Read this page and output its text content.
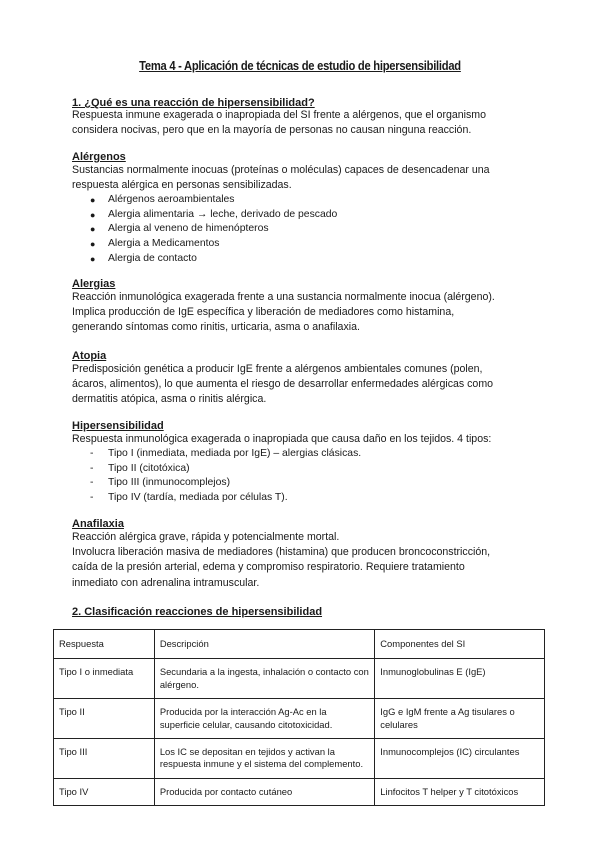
Tema 4 - Aplicación de técnicas de estudio de hipersensibilidad
1. ¿Qué es una reacción de hipersensibilidad?
Respuesta inmune exagerada o inapropiada del SI frente a alérgenos, que el organismo
considera nocivas, pero que en la mayoría de personas no causan ninguna reacción.
Alérgenos
Sustancias normalmente inocuas (proteínas o moléculas) capaces de desencadenar una
respuesta alérgica en personas sensibilizadas.
● Alérgenos aeroambientales
● Alergia alimentaria → leche, derivado de pescado
● Alergia al veneno de himenópteros
● Alergia a Medicamentos
● Alergia de contacto
Alergias
Reacción inmunológica exagerada frente a una sustancia normalmente inocua (alérgeno).
Implica producción de IgE específica y liberación de mediadores como histamina,
generando síntomas como rinitis, urticaria, asma o anafilaxia.
Atopia
Predisposición genética a producir IgE frente a alérgenos ambientales comunes (polen,
ácaros, alimentos), lo que aumenta el riesgo de desarrollar enfermedades alérgicas como
dermatitis atópica, asma o rinitis alérgica.
Hipersensibilidad
Respuesta inmunológica exagerada o inapropiada que causa daño en los tejidos. 4 tipos:
- Tipo I (inmediata, mediada por IgE) – alergias clásicas.
- Tipo II (citotóxica)
- Tipo III (inmunocomplejos)
- Tipo IV (tardía, mediada por células T).
Anafilaxia
Reacción alérgica grave, rápida y potencialmente mortal.
Involucra liberación masiva de mediadores (histamina) que producen broncoconstricción,
caída de la presión arterial, edema y compromiso respiratorio. Requiere tratamiento
inmediato con adrenalina intramuscular.
2. Clasificación reacciones de hipersensibilidad
Respuesta	Descripción	Componentes del SI
Tipo I o inmediata	Secundaria a la ingesta, inhalación o contacto con alérgeno.	Inmunoglobulinas E (IgE)
Tipo II	Producida por la interacción Ag-Ac en la superficie celular, causando citotoxicidad.	IgG e IgM frente a Ag tisulares o celulares
Tipo III	Los IC se depositan en tejidos y activan la respuesta inmune y el sistema del complemento.	Inmunocomplejos (IC) circulantes
Tipo IV	Producida por contacto cutáneo	Linfocitos T helper y T citotóxicos
